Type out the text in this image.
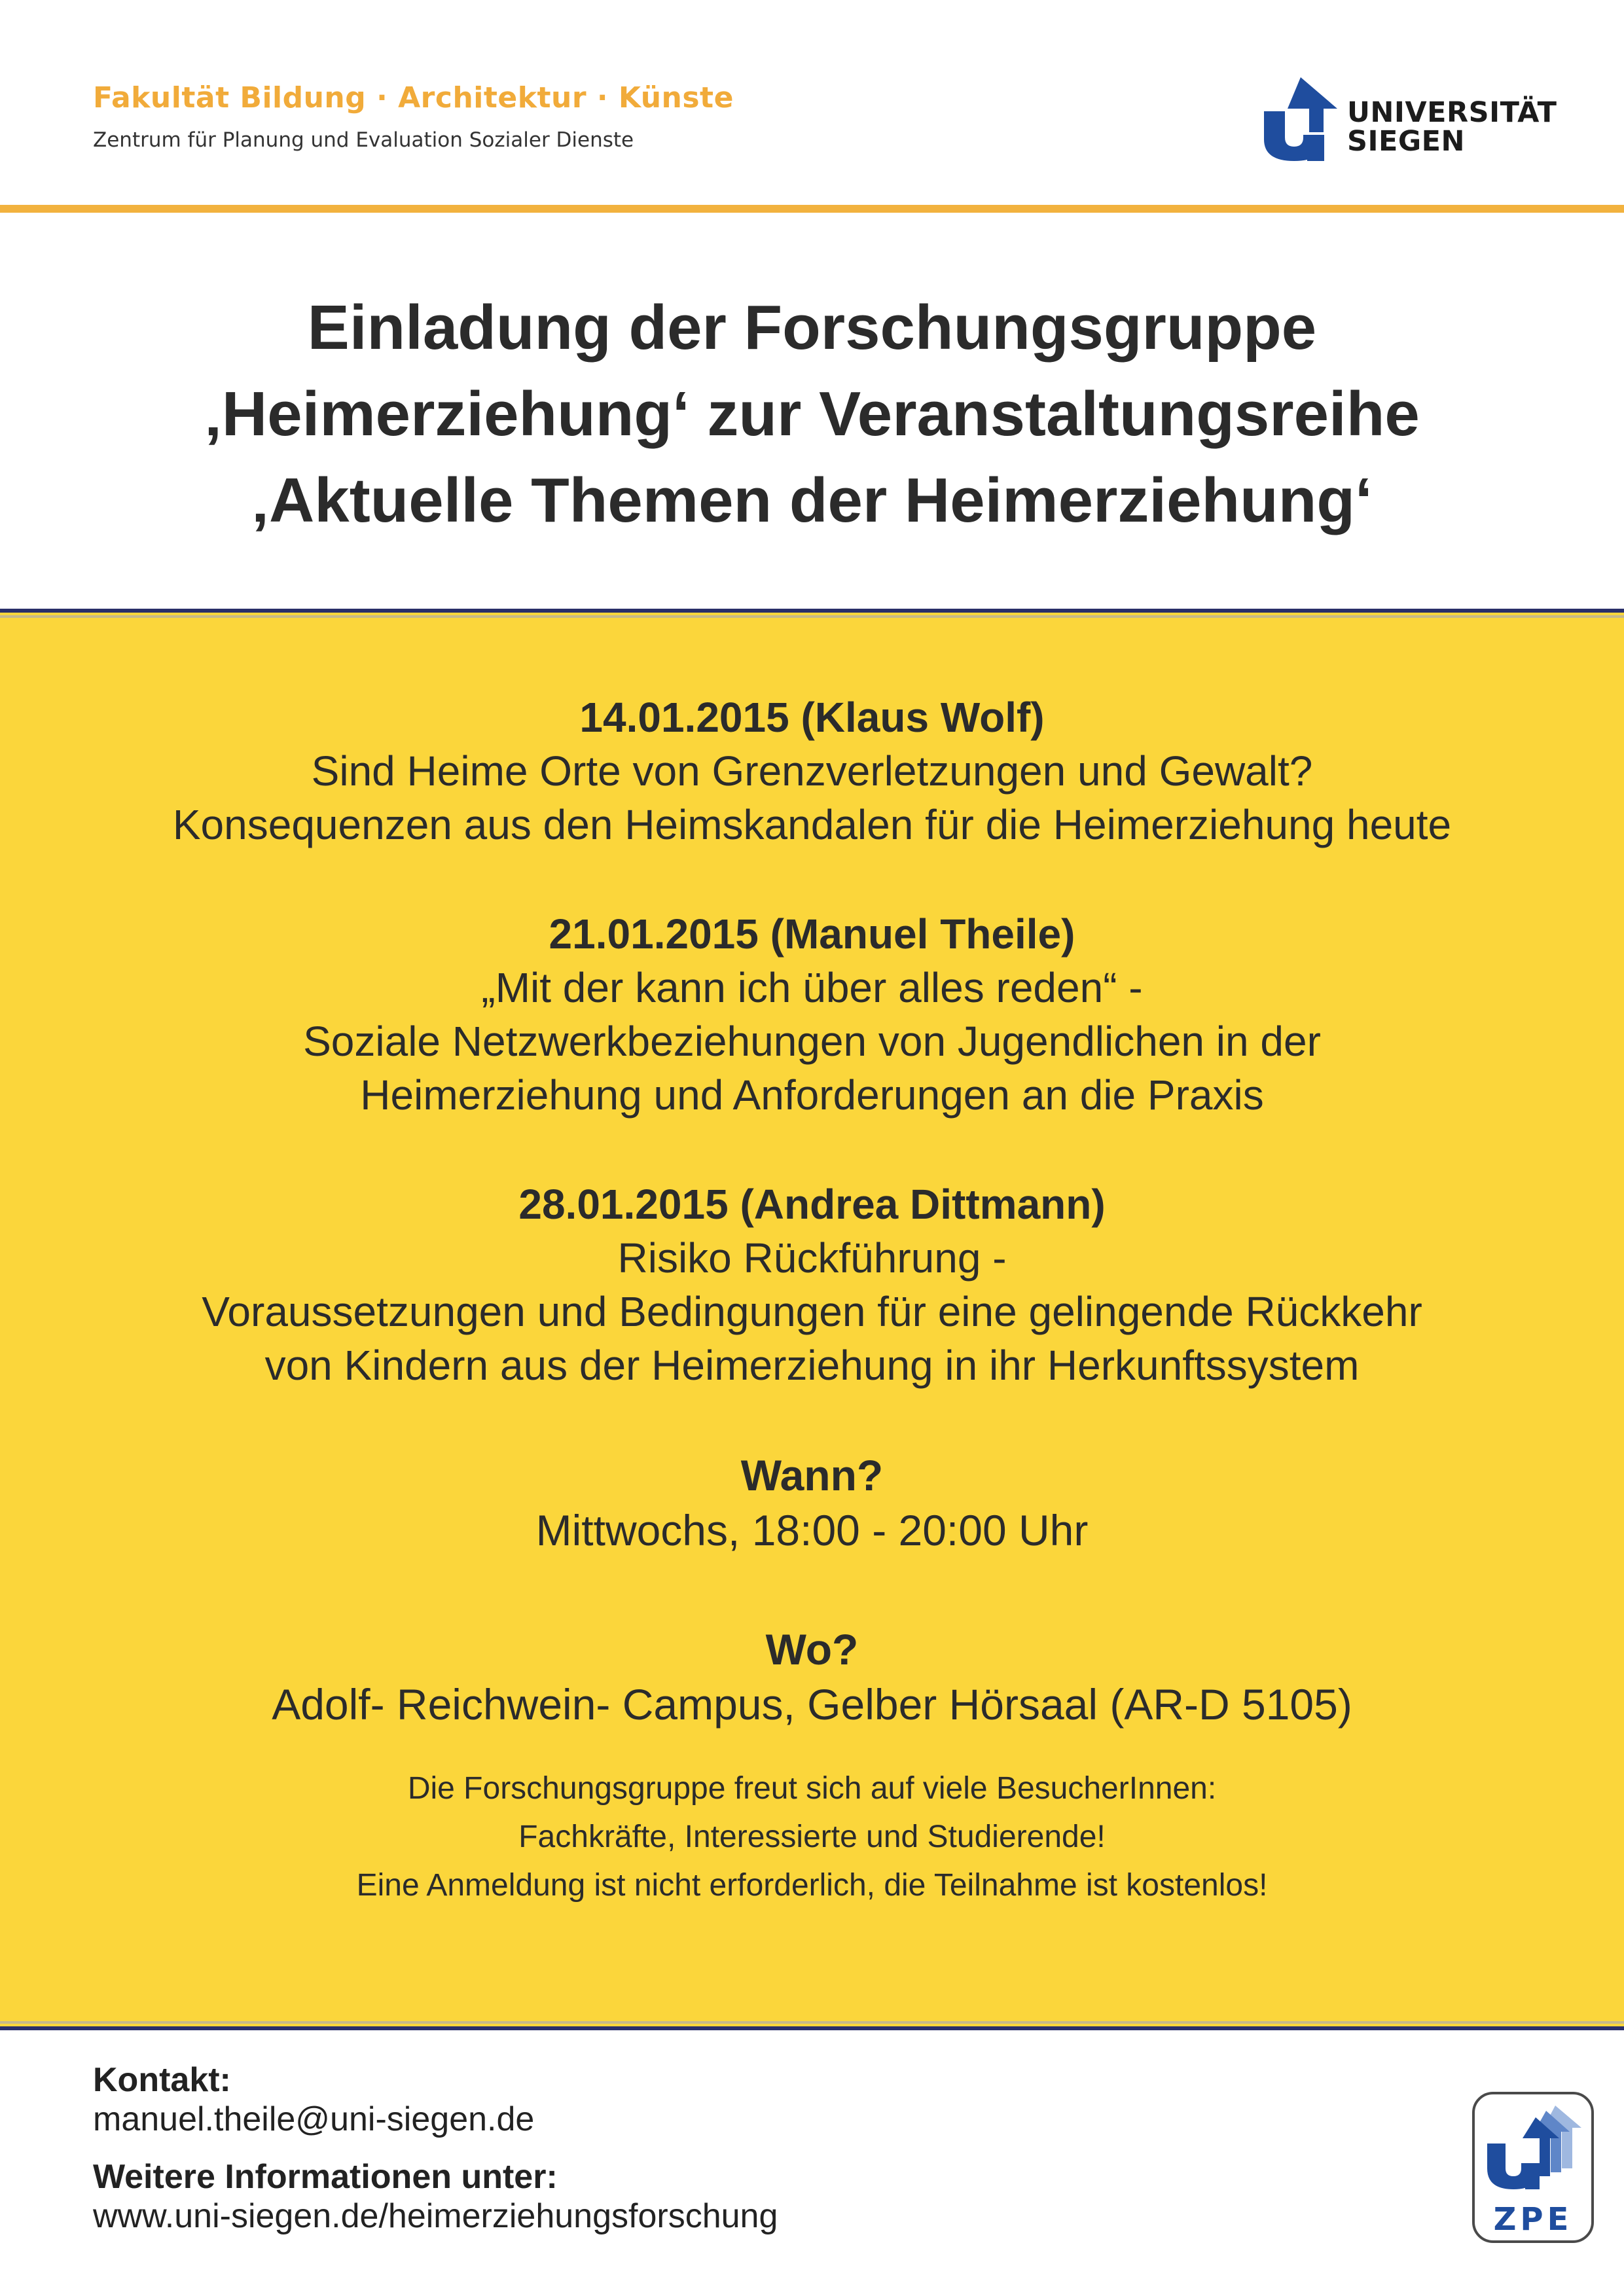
Fakultät Bildung · Architektur · Künste
Zentrum für Planung und Evaluation Sozialer Dienste
UNIVERSITÄT
SIEGEN
Einladung der Forschungsgruppe
‚Heimerziehung‘ zur Veranstaltungsreihe
‚Aktuelle Themen der Heimerziehung‘
14.01.2015 (Klaus Wolf)
Sind Heime Orte von Grenzverletzungen und Gewalt?
Konsequenzen aus den Heimskandalen für die Heimerziehung heute
21.01.2015 (Manuel Theile)
„Mit der kann ich über alles reden“ -
Soziale Netzwerkbeziehungen von Jugendlichen in der
Heimerziehung und Anforderungen an die Praxis
28.01.2015 (Andrea Dittmann)
Risiko Rückführung -
Voraussetzungen und Bedingungen für eine gelingende Rückkehr
von Kindern aus der Heimerziehung in ihr Herkunftssystem
Wann?
Mittwochs, 18:00 - 20:00 Uhr
Wo?
Adolf- Reichwein- Campus, Gelber Hörsaal (AR-D 5105)
Die Forschungsgruppe freut sich auf viele BesucherInnen:
Fachkräfte, Interessierte und Studierende!
Eine Anmeldung ist nicht erforderlich, die Teilnahme ist kostenlos!
Kontakt:
manuel.theile@uni-siegen.de
Weitere Informationen unter:
www.uni-siegen.de/heimerziehungsforschung	ZPE
